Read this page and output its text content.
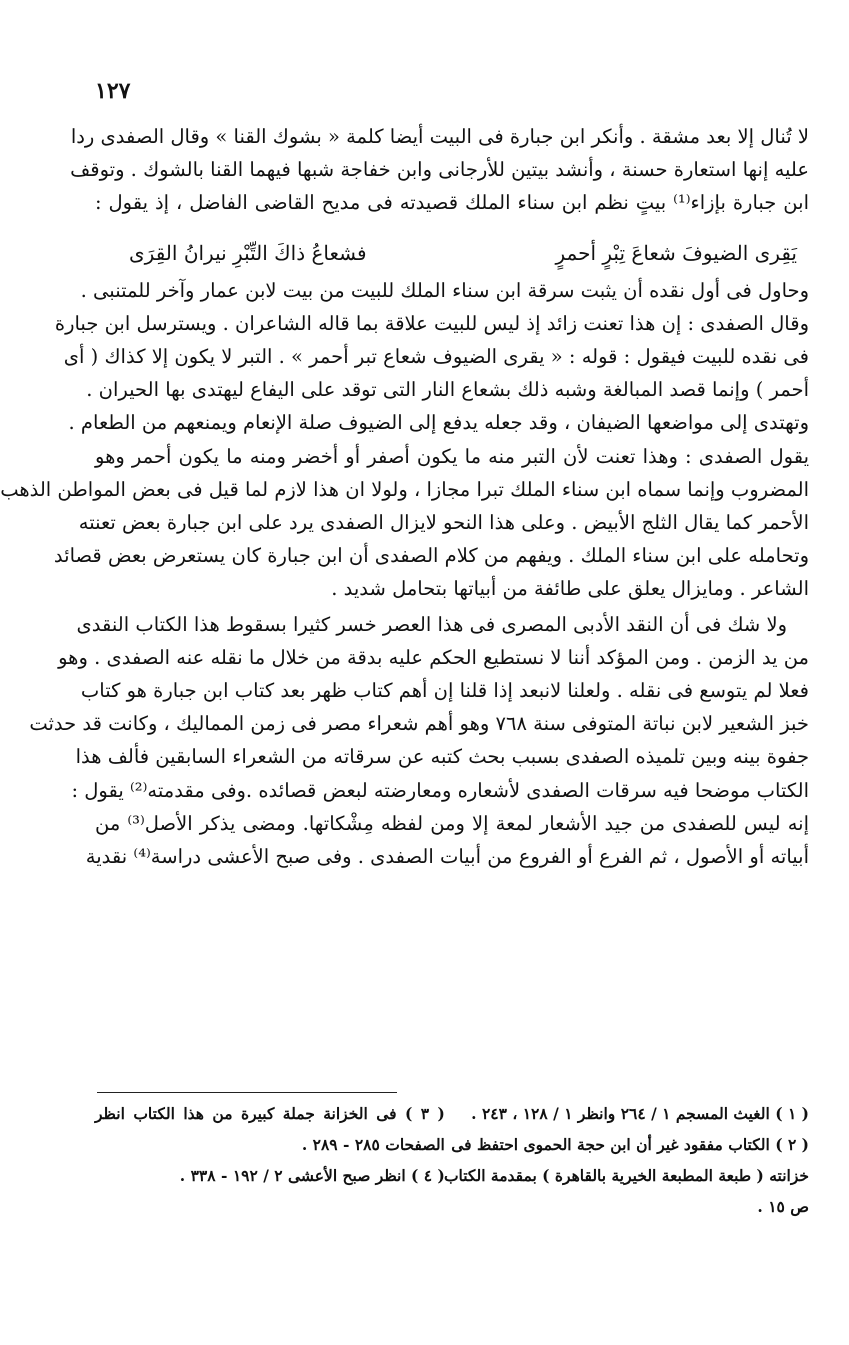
١٢٧
لا تُنال إلا بعد مشقة . وأنكر ابن جبارة فى البيت أيضا كلمة « بشوك القنا » وقال الصفدى ردا
عليه إنها استعارة حسنة ، وأنشد بيتين للأرجانى وابن خفاجة شبها فيهما القنا بالشوك . وتوقف
ابن جبارة بإزاء⁽¹⁾ بيتٍ نظم ابن سناء الملك قصيدته فى مديح القاضى الفاضل ، إذ يقول :
يَقِرى الضيوفَ شعاعَ تِبْرٍ أحمرٍ
فشعاعُ ذاكَ التِّبْرِ نيرانُ القِرَى
وحاول فى أول نقده أن يثبت سرقة ابن سناء الملك للبيت من بيت لابن عمار وآخر للمتنبى .
وقال الصفدى : إن هذا تعنت زائد إذ ليس للبيت علاقة بما قاله الشاعران . ويسترسل ابن جبارة
فى نقده للبيت فيقول : قوله : « يقرى الضيوف شعاع تبر أحمر » . التبر لا يكون إلا كذاك ( أى
أحمر ) وإنما قصد المبالغة وشبه ذلك بشعاع النار التى توقد على اليفاع ليهتدى بها الحيران .
وتهتدى إلى مواضعها الضيفان ، وقد جعله يدفع إلى الضيوف صلة الإنعام ويمنعهم من الطعام .
يقول الصفدى : وهذا تعنت لأن التبر منه ما يكون أصفر أو أخضر ومنه ما يكون أحمر وهو
المضروب وإنما سماه ابن سناء الملك تبرا مجازا ، ولولا ان هذا لازم لما قيل فى بعض المواطن الذهب
الأحمر كما يقال الثلج الأبيض . وعلى هذا النحو لايزال الصفدى يرد على ابن جبارة بعض تعنته
وتحامله على ابن سناء الملك . ويفهم من كلام الصفدى أن ابن جبارة كان يستعرض بعض قصائد
الشاعر . ومايزال يعلق على طائفة من أبياتها بتحامل شديد .
ولا شك فى أن النقد الأدبى المصرى فى هذا العصر خسر كثيرا بسقوط هذا الكتاب النقدى
من يد الزمن . ومن المؤكد أننا لا نستطيع الحكم عليه بدقة من خلال ما نقله عنه الصفدى . وهو
فعلا لم يتوسع فى نقله . ولعلنا لانبعد إذا قلنا إن أهم كتاب ظهر بعد كتاب ابن جبارة هو كتاب
خبز الشعير لابن نباتة المتوفى سنة ٧٦٨ وهو أهم شعراء مصر فى زمن المماليك ، وكانت قد حدثت
جفوة بينه وبين تلميذه الصفدى بسبب بحث كتبه عن سرقاته من الشعراء السابقين فألف هذا
الكتاب موضحا فيه سرقات الصفدى لأشعاره ومعارضته لبعض قصائده .وفى مقدمته⁽²⁾ يقول :
إنه ليس للصفدى من جيد الأشعار لمعة إلا ومن لفظه مِشْكاتها. ومضى يذكر الأصل⁽³⁾ من
أبياته أو الأصول ، ثم الفرع أو الفروع من أبيات الصفدى . وفى صبح الأعشى دراسة⁽⁴⁾ نقدية
( ١ ) الغيث المسجم ١ / ٢٦٤ وانظر ١ / ١٢٨ ، ٢٤٣ .
( ٢ ) الكتاب مفقود غير أن ابن حجة الحموى احتفظ فى
خزانته ( طبعة المطبعة الخيرية بالقاهرة ) بمقدمة الكتاب
ص ١٥ .
( ٣ ) فى الخزانة جملة كبيرة من هذا الكتاب انظر
الصفحات ٢٨٥ - ٢٨٩ .
( ٤ ) انظر صبح الأعشى ٢ / ١٩٢ - ٣٣٨ .
